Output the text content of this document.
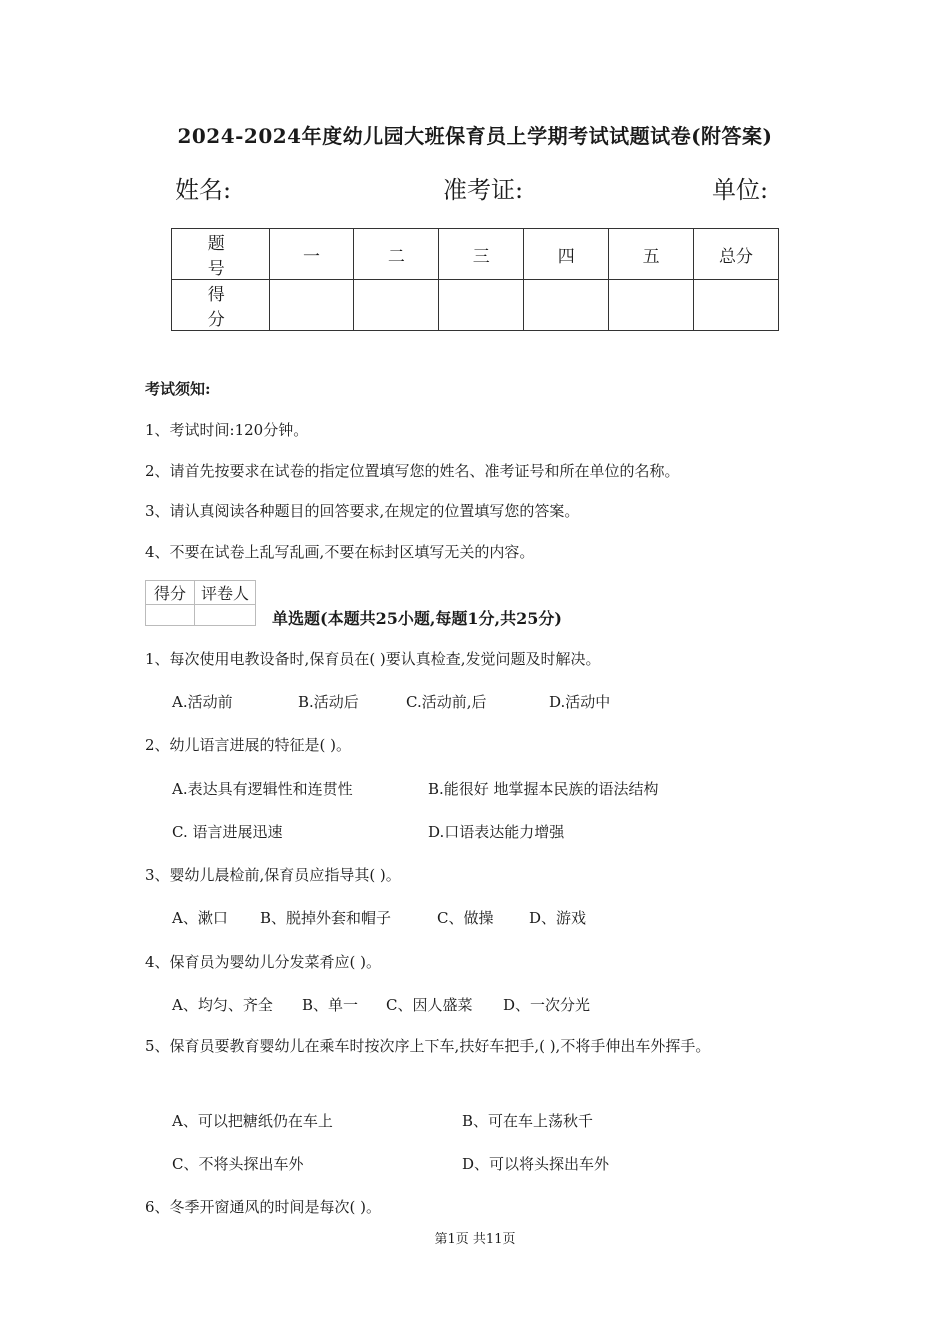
2024-2024年度幼儿园大班保育员上学期考试试题试卷(附答案)
姓名:	准考证:	单位:
题 号	一	二	三	四	五	总分
得 分						
考试须知:
1、考试时间:120分钟。
2、请首先按要求在试卷的指定位置填写您的姓名、准考证号和所在单位的名称。
3、请认真阅读各种题目的回答要求,在规定的位置填写您的答案。
4、不要在试卷上乱写乱画,不要在标封区填写无关的内容。
得分	评卷人

单选题(本题共25小题,每题1分,共25分)
1、每次使用电教设备时,保育员在( )要认真检查,发觉问题及时解决。
A.活动前	B.活动后	C.活动前,后	D.活动中
2、幼儿语言进展的特征是( )。
A.表达具有逻辑性和连贯性	B.能很好 地掌握本民族的语法结构
C. 语言进展迅速	D.口语表达能力增强
3、婴幼儿晨检前,保育员应指导其( )。
A、漱口 B、脱掉外套和帽子	C、做操 D、游戏
4、保育员为婴幼儿分发菜肴应( )。
A、均匀、齐全 B、单一 C、因人盛菜 D、一次分光
5、保育员要教育婴幼儿在乘车时按次序上下车,扶好车把手,( ),不将手伸出车外挥手。
A、可以把糖纸仍在车上	B、可在车上荡秋千
C、不将头探出车外	D、可以将头探出车外
6、冬季开窗通风的时间是每次( )。
第1页 共11页
